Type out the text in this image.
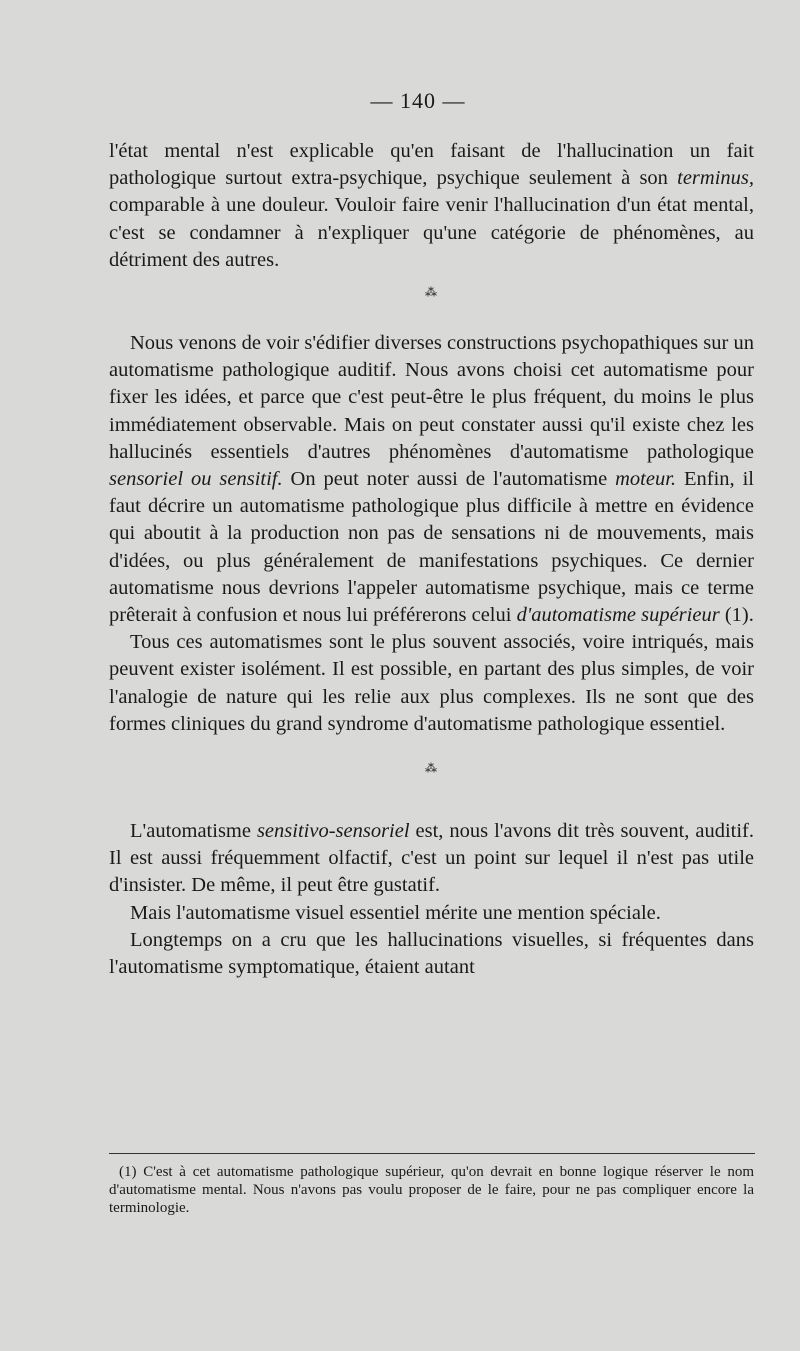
— 140 —

l'état mental n'est explicable qu'en faisant de l'hallucination un fait pathologique surtout extra-psychique, psychique seulement à son terminus, comparable à une douleur. Vouloir faire venir l'hallucination d'un état mental, c'est se condamner à n'expliquer qu'une catégorie de phénomènes, au détriment des autres.

⁂

Nous venons de voir s'édifier diverses constructions psychopathiques sur un automatisme pathologique auditif. Nous avons choisi cet automatisme pour fixer les idées, et parce que c'est peut-être le plus fréquent, du moins le plus immédiatement observable. Mais on peut constater aussi qu'il existe chez les hallucinés essentiels d'autres phénomènes d'automatisme pathologique sensoriel ou sensitif. On peut noter aussi de l'automatisme moteur. Enfin, il faut décrire un automatisme pathologique plus difficile à mettre en évidence qui aboutit à la production non pas de sensations ni de mouvements, mais d'idées, ou plus généralement de manifestations psychiques. Ce dernier automatisme nous devrions l'appeler automatisme psychique, mais ce terme prêterait à confusion et nous lui préférerons celui d'automatisme supérieur (1).

Tous ces automatismes sont le plus souvent associés, voire intriqués, mais peuvent exister isolément. Il est possible, en partant des plus simples, de voir l'analogie de nature qui les relie aux plus complexes. Ils ne sont que des formes cliniques du grand syndrome d'automatisme pathologique essentiel.

⁂

L'automatisme sensitivo-sensoriel est, nous l'avons dit très souvent, auditif. Il est aussi fréquemment olfactif, c'est un point sur lequel il n'est pas utile d'insister. De même, il peut être gustatif.

Mais l'automatisme visuel essentiel mérite une mention spéciale.

Longtemps on a cru que les hallucinations visuelles, si fréquentes dans l'automatisme symptomatique, étaient autant

(1) C'est à cet automatisme pathologique supérieur, qu'on devrait en bonne logique réserver le nom d'automatisme mental. Nous n'avons pas voulu proposer de le faire, pour ne pas compliquer encore la terminologie.
